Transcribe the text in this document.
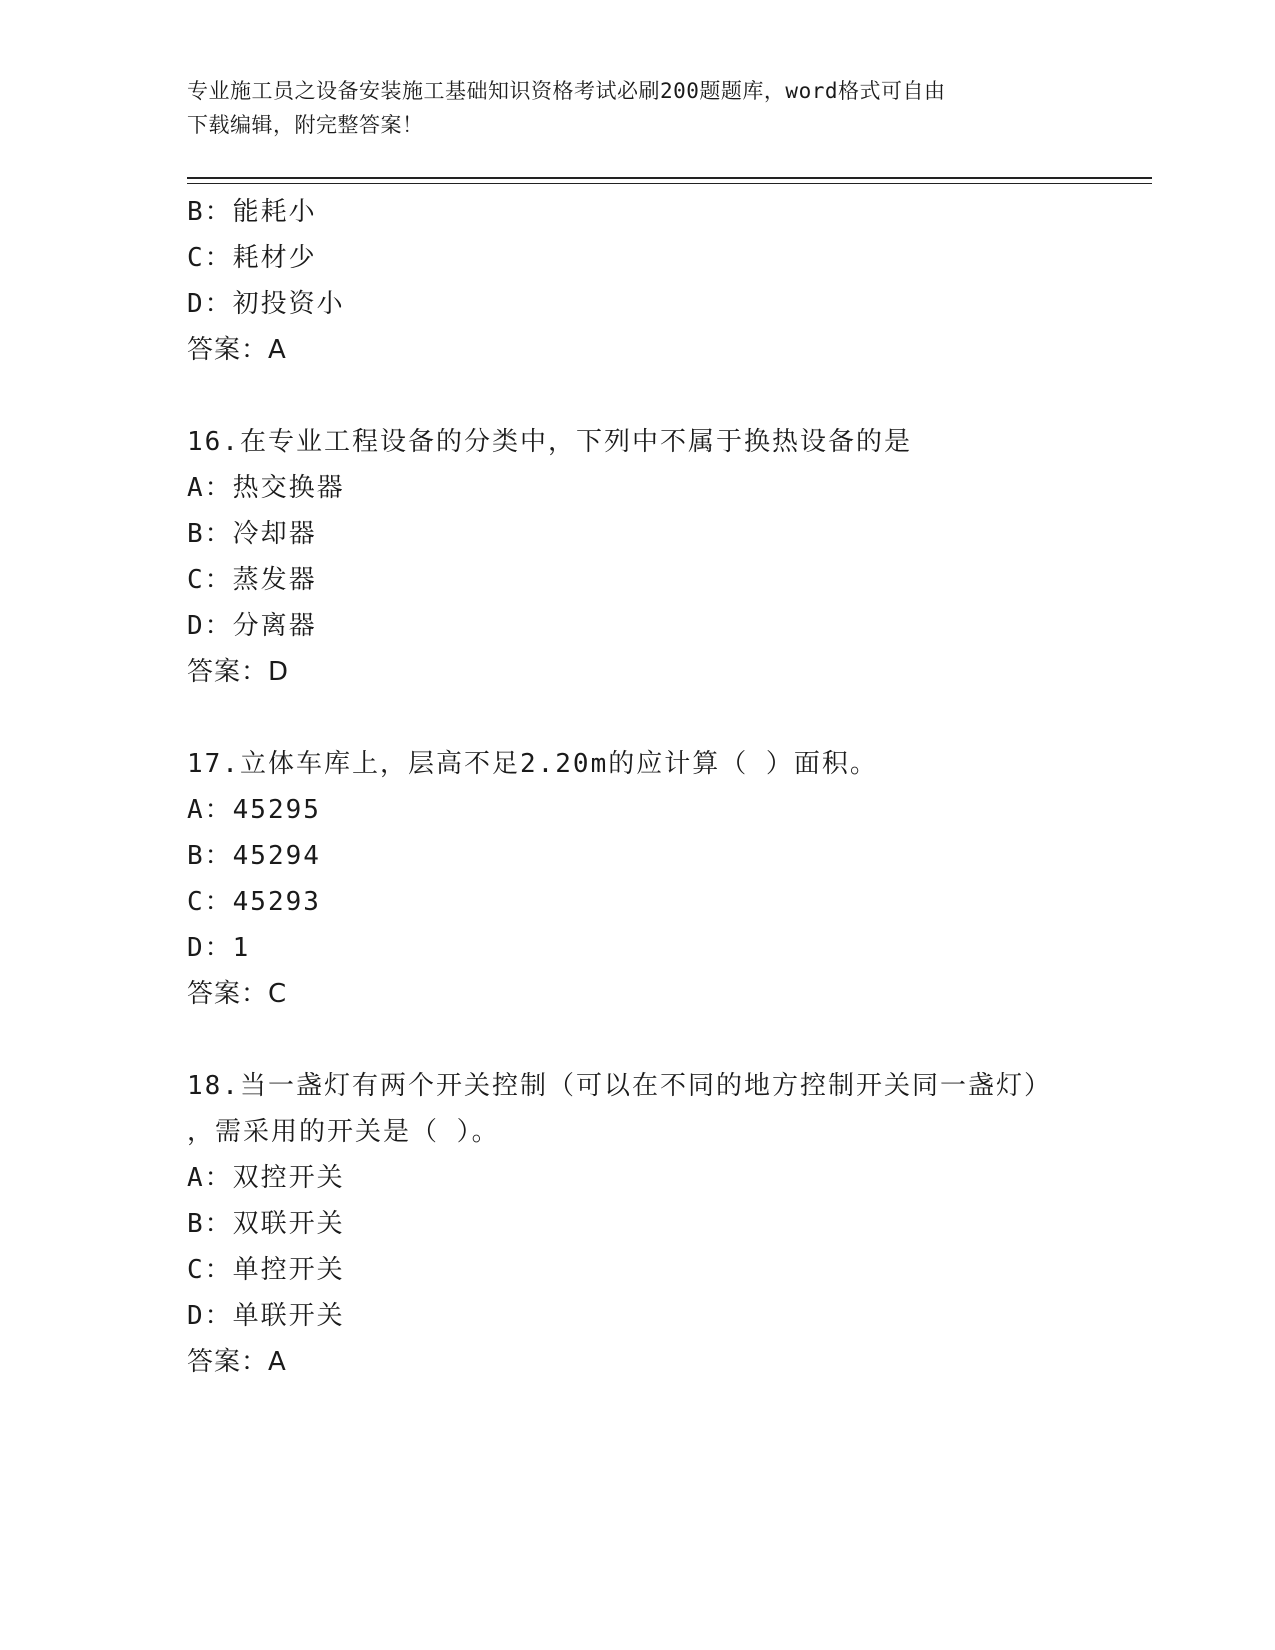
专业施工员之设备安装施工基础知识资格考试必刷200题题库，word格式可自由
下载编辑，附完整答案！
B：能耗小
C：耗材少
D：初投资小
答案：A
16.在专业工程设备的分类中，下列中不属于换热设备的是
A：热交换器
B：冷却器
C：蒸发器
D：分离器
答案：D
17.立体车库上，层高不足2.20m的应计算（ ）面积。
A：45295
B：45294
C：45293
D：1
答案：C
18.当一盏灯有两个开关控制（可以在不同的地方控制开关同一盏灯）
，需采用的开关是（ ）。
A：双控开关
B：双联开关
C：单控开关
D：单联开关
答案：A
